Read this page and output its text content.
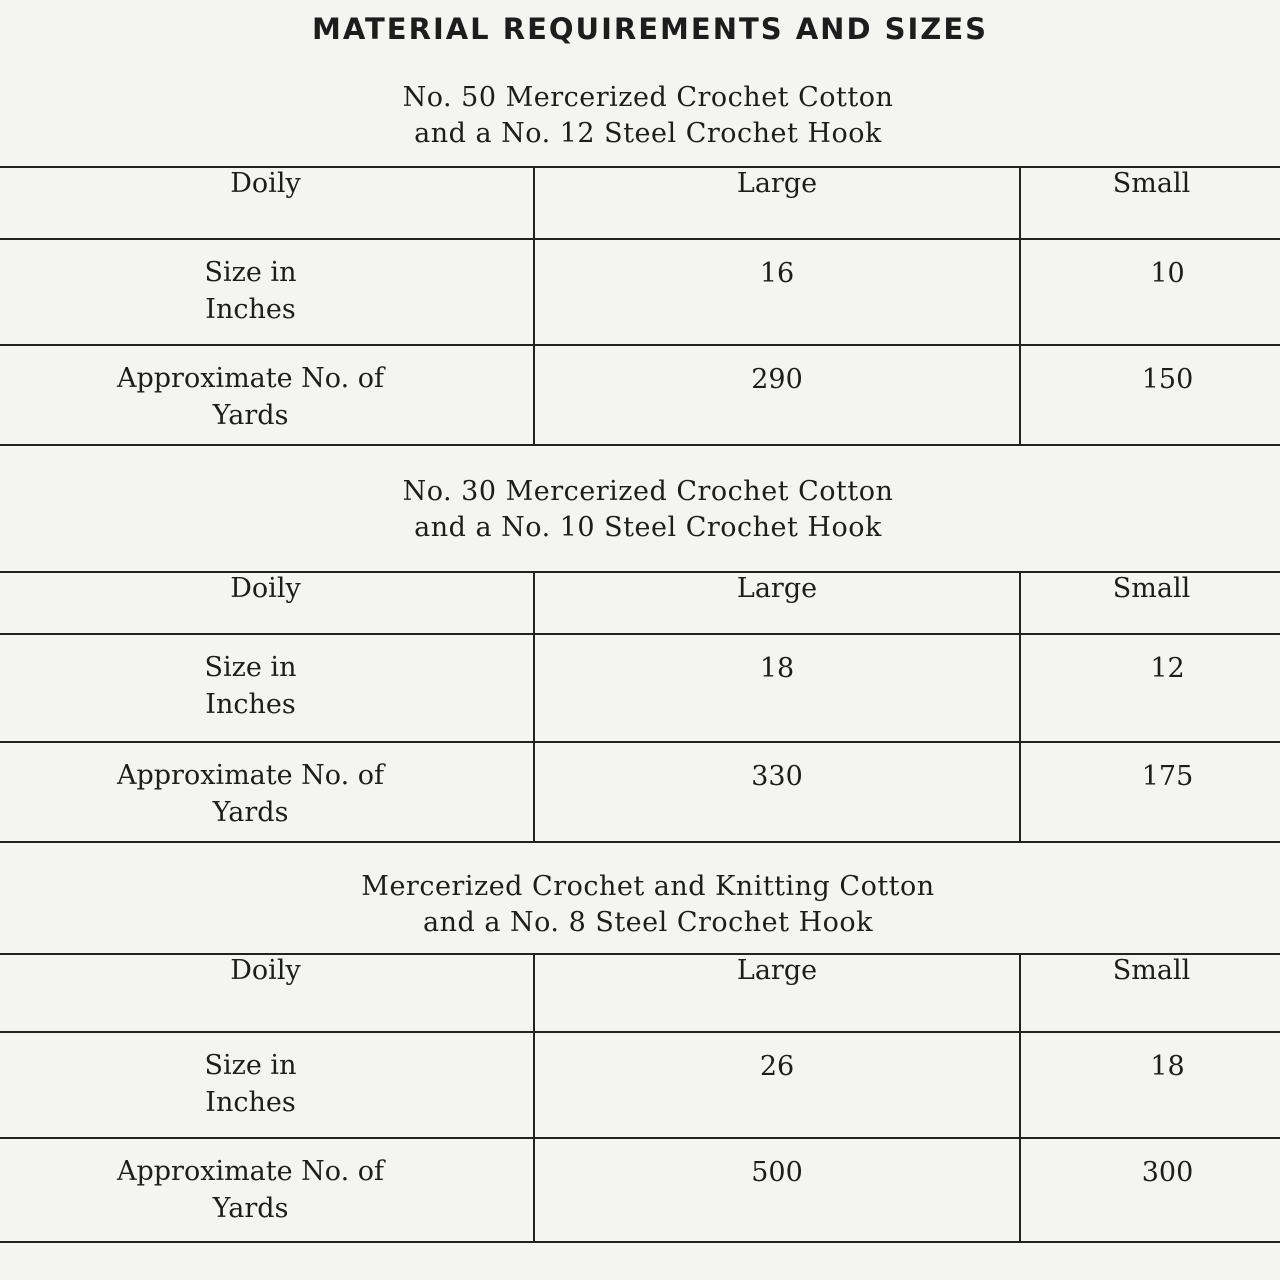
MATERIAL REQUIREMENTS AND SIZES
No. 50 Mercerized Crochet Cotton
and a No. 12 Steel Crochet Hook
Doily	Large	Small

Size in
Inches	16	10

Approximate No. of
Yards	290	150
No. 30 Mercerized Crochet Cotton
and a No. 10 Steel Crochet Hook
Doily	Large	Small

Size in
Inches	18	12

Approximate No. of
Yards	330	175
Mercerized Crochet and Knitting Cotton
and a No. 8 Steel Crochet Hook
Doily	Large	Small

Size in
Inches	26	18

Approximate No. of
Yards	500	300
